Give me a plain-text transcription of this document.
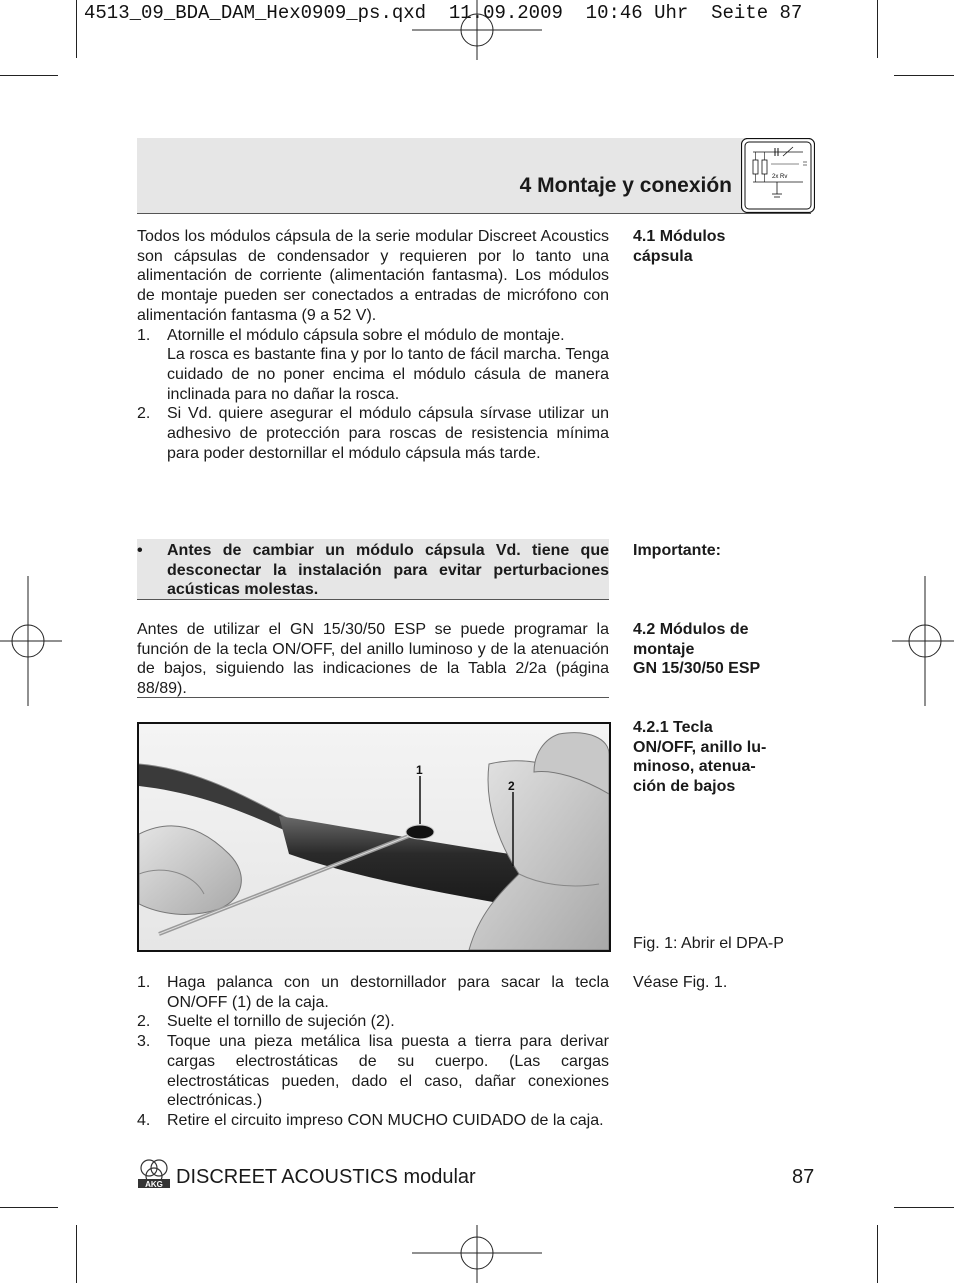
4513_09_BDA_DAM_Hex0909_ps.qxd  11.09.2009  10:46 Uhr  Seite 87
4 Montaje y conexión	2x Rv
4.1 Módulos
cápsula

Todos los módulos cápsula de la serie modular Discreet Acoustics son cápsulas de condensador y requieren por lo tanto una alimentación de corriente (alimentación fantasma). Los módulos de montaje pueden ser conectados a entradas de micrófono con alimentación fantasma (9 a 52 V).

1. Atornille el módulo cápsula sobre el módulo de montaje.
La rosca es bastante fina y por lo tanto de fácil marcha. Tenga cuidado de no poner encima el módulo cásula de manera inclinada para no dañar la rosca.
2. Si Vd. quiere asegurar el módulo cápsula sírvase utilizar un adhesivo de protección para roscas de resistencia mínima para poder destornillar el módulo cápsula más tarde.
• Antes de cambiar un módulo cápsula Vd. tiene que desconectar la instalación para evitar perturbaciones acústicas molestas.
Importante:
4.2 Módulos de
montaje
GN 15/30/50 ESP
Antes de utilizar el GN 15/30/50 ESP se puede programar la función de la tecla ON/OFF, del anillo luminoso y de la atenuación de bajos, siguiendo las indicaciones de la Tabla 2/2a (página 88/89).
4.2.1 Tecla
ON/OFF, anillo lu-
minoso, atenua-
ción de bajos
1
2
Fig. 1: Abrir el DPA-P
Véase Fig. 1.
1. Haga palanca con un destornillador para sacar la tecla ON/OFF (1) de la caja.
2. Suelte el tornillo de sujeción (2).
3. Toque una pieza metálica lisa puesta a tierra para derivar cargas electrostáticas de su cuerpo. (Las cargas electrostáticas pueden, dado el caso, dañar conexiones electrónicas.)
4. Retire el circuito impreso CON MUCHO CUIDADO de la caja.
AKG DISCREET ACOUSTICS modular	87
